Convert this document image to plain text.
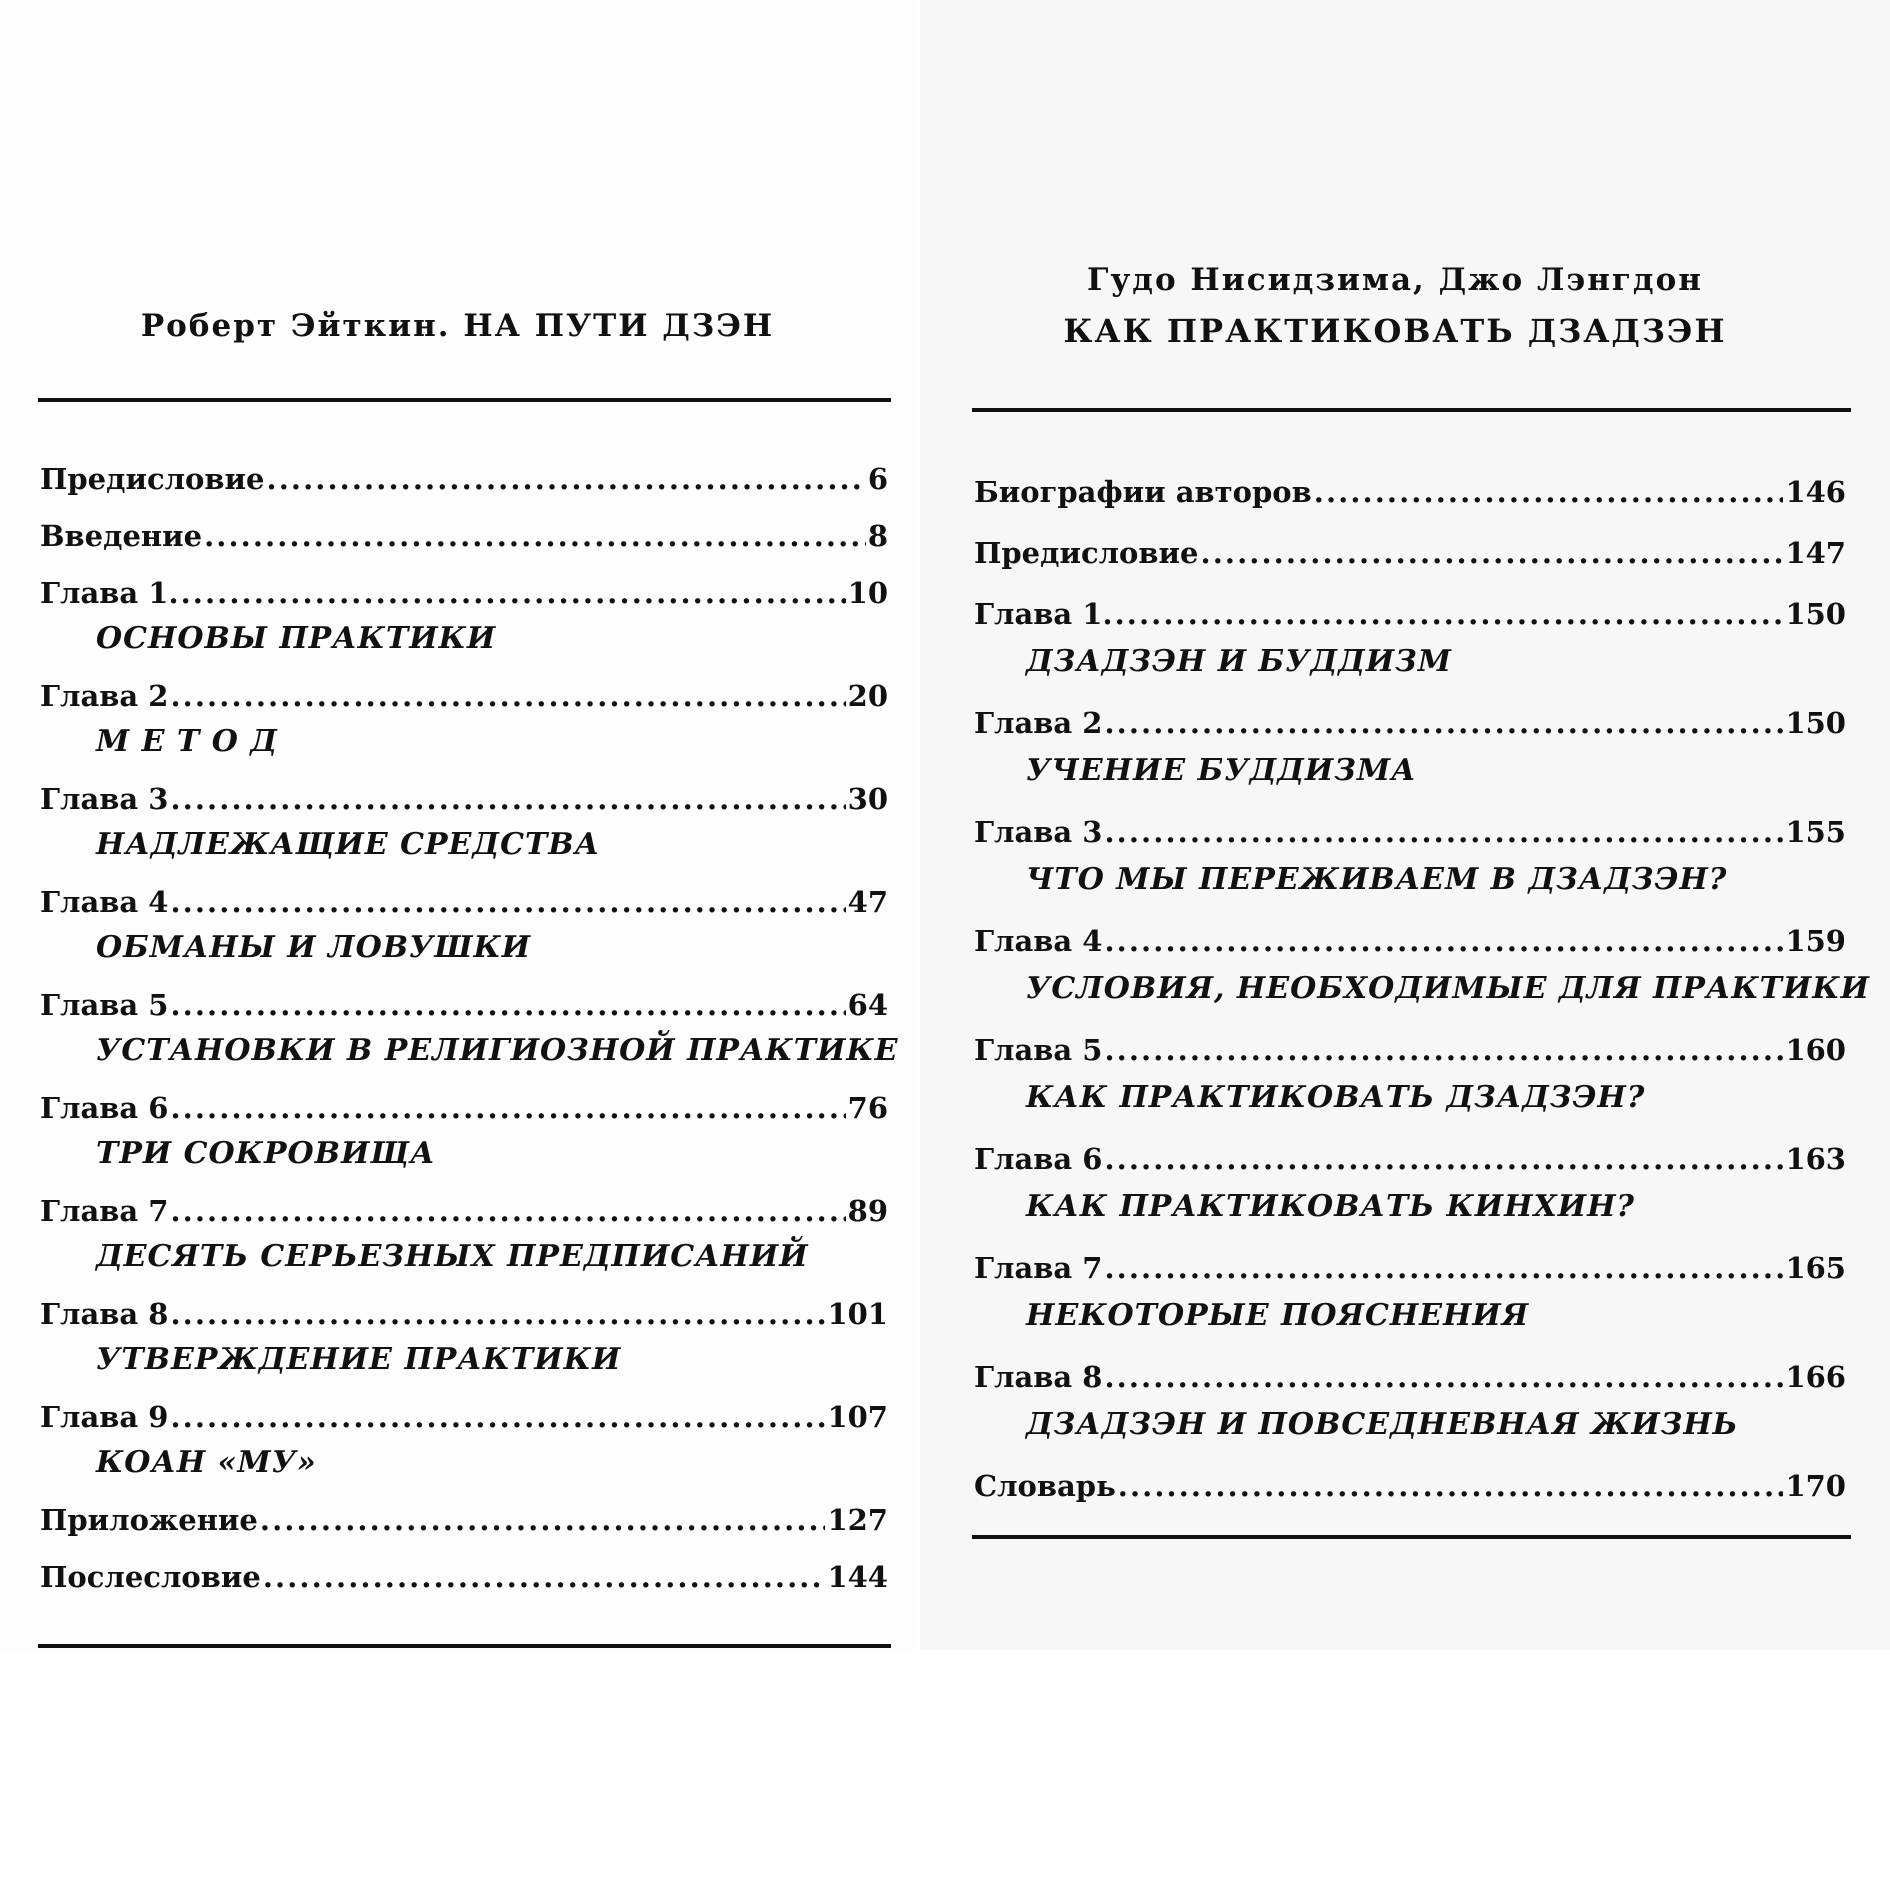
Роберт Эйткин. НА ПУТИ ДЗЭН
Предисловие . . .	6
Введение . . .	8
Глава 1. . . .	10
ОСНОВЫ ПРАКТИКИ
Глава 2 . . .	20
М Е Т О Д
Глава 3 . . .	30
НАДЛЕЖАЩИЕ СРЕДСТВА
Глава 4 . . .	47
ОБМАНЫ И ЛОВУШКИ
Глава 5 . . .	64
УСТАНОВКИ В РЕЛИГИОЗНОЙ ПРАКТИКЕ
Глава 6 . . .	76
ТРИ СОКРОВИЩА
Глава 7 . . .	89
ДЕСЯТЬ СЕРЬЕЗНЫХ ПРЕДПИСАНИЙ
Глава 8 . . .	101
УТВЕРЖДЕНИЕ ПРАКТИКИ
Глава 9 . . .	107
КОАН «МУ»
Приложение . . .	127
Послесловие . . .	144
Гудо Нисидзима, Джо Лэнгдон
КАК ПРАКТИКОВАТЬ ДЗАДЗЭН
Биографии авторов . . .	146
Предисловие . . .	147
Глава 1. . . .	150
ДЗАДЗЭН И БУДДИЗМ
Глава 2 . . .	150
УЧЕНИЕ БУДДИЗМА
Глава 3 . . .	155
ЧТО МЫ ПЕРЕЖИВАЕМ В ДЗАДЗЭН?
Глава 4 . . .	159
УСЛОВИЯ, НЕОБХОДИМЫЕ ДЛЯ ПРАКТИКИ
Глава 5 . . .	160
КАК ПРАКТИКОВАТЬ ДЗАДЗЭН?
Глава 6 . . .	163
КАК ПРАКТИКОВАТЬ КИНХИН?
Глава 7 . . .	165
НЕКОТОРЫЕ ПОЯСНЕНИЯ
Глава 8 . . .	166
ДЗАДЗЭН И ПОВСЕДНЕВНАЯ ЖИЗНЬ
Словарь . . .	170
